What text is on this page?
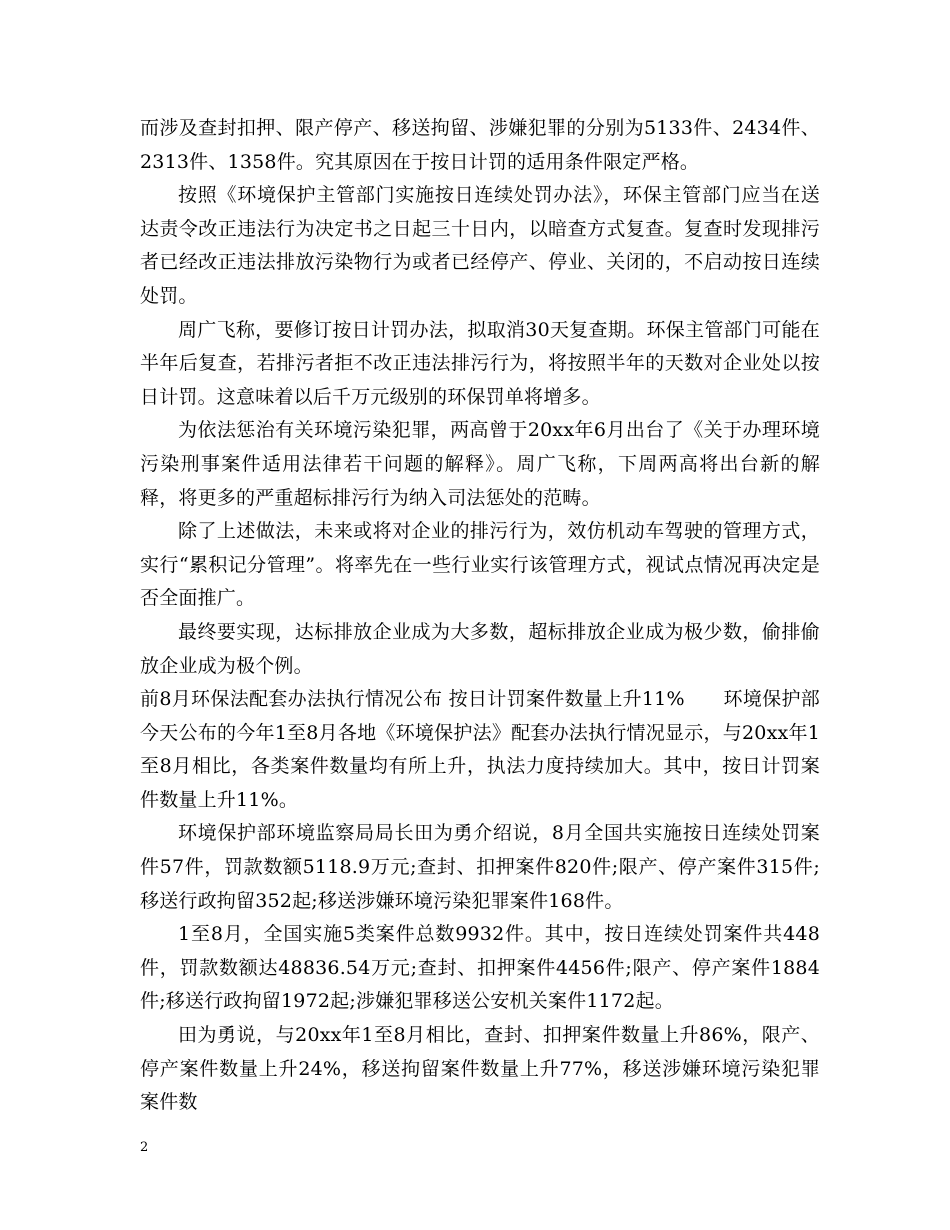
而涉及查封扣押、限产停产、移送拘留、涉嫌犯罪的分别为5133件、2434件、2313件、1358件。究其原因在于按日计罚的适用条件限定严格。

按照《环境保护主管部门实施按日连续处罚办法》，环保主管部门应当在送达责令改正违法行为决定书之日起三十日内，以暗查方式复查。复查时发现排污者已经改正违法排放污染物行为或者已经停产、停业、关闭的，不启动按日连续处罚。

周广飞称，要修订按日计罚办法，拟取消30天复查期。环保主管部门可能在半年后复查，若排污者拒不改正违法排污行为，将按照半年的天数对企业处以按日计罚。这意味着以后千万元级别的环保罚单将增多。

为依法惩治有关环境污染犯罪，两高曾于20xx年6月出台了《关于办理环境污染刑事案件适用法律若干问题的解释》。周广飞称，下周两高将出台新的解释，将更多的严重超标排污行为纳入司法惩处的范畴。

除了上述做法，未来或将对企业的排污行为，效仿机动车驾驶的管理方式，实行“累积记分管理”。将率先在一些行业实行该管理方式，视试点情况再决定是否全面推广。

最终要实现，达标排放企业成为大多数，超标排放企业成为极少数，偷排偷放企业成为极个例。

前8月环保法配套办法执行情况公布 按日计罚案件数量上升11%　　环境保护部今天公布的今年1至8月各地《环境保护法》配套办法执行情况显示，与20xx年1至8月相比，各类案件数量均有所上升，执法力度持续加大。其中，按日计罚案件数量上升11%。

环境保护部环境监察局局长田为勇介绍说，8月全国共实施按日连续处罚案件57件，罚款数额5118.9万元;查封、扣押案件820件;限产、停产案件315件;移送行政拘留352起;移送涉嫌环境污染犯罪案件168件。

1至8月，全国实施5类案件总数9932件。其中，按日连续处罚案件共448件，罚款数额达48836.54万元;查封、扣押案件4456件;限产、停产案件1884件;移送行政拘留1972起;涉嫌犯罪移送公安机关案件1172起。

田为勇说，与20xx年1至8月相比，查封、扣押案件数量上升86%，限产、停产案件数量上升24%，移送拘留案件数量上升77%，移送涉嫌环境污染犯罪案件数

2
